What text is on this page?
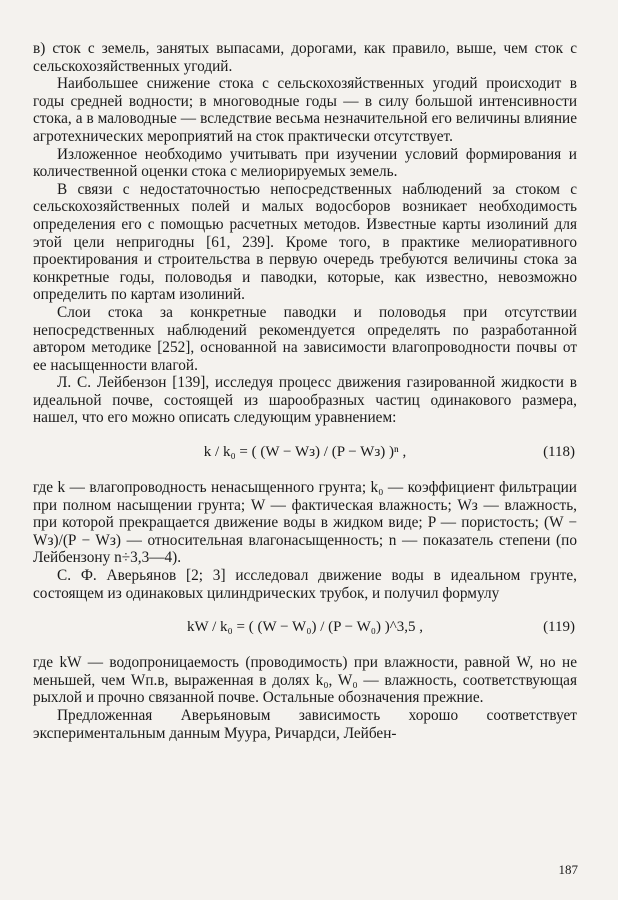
в) сток с земель, занятых выпасами, дорогами, как правило, выше, чем сток с сельскохозяйственных угодий.

Наибольшее снижение стока с сельскохозяйственных угодий происходит в годы средней водности; в многоводные годы — в силу большой интенсивности стока, а в маловодные — вследствие весьма незначительной его величины влияние агротехнических мероприятий на сток практически отсутствует.

Изложенное необходимо учитывать при изучении условий формирования и количественной оценки стока с мелиорируемых земель.

В связи с недостаточностью непосредственных наблюдений за стоком с сельскохозяйственных полей и малых водосборов возникает необходимость определения его с помощью расчетных методов. Известные карты изолиний для этой цели непригодны [61, 239]. Кроме того, в практике мелиоративного проектирования и строительства в первую очередь требуются величины стока за конкретные годы, половодья и паводки, которые, как известно, невозможно определить по картам изолиний.

Слои стока за конкретные паводки и половодья при отсутствии непосредственных наблюдений рекомендуется определять по разработанной автором методике [252], основанной на зависимости влагопроводности почвы от ее насыщенности влагой.

Л. С. Лейбензон [139], исследуя процесс движения газированной жидкости в идеальной почве, состоящей из шарообразных частиц одинакового размера, нашел, что его можно описать следующим уравнением:

k / k₀ = ( (W − Wз) / (P − Wз) )ⁿ ,	(118)

где k — влагопроводность ненасыщенного грунта; k₀ — коэффициент фильтрации при полном насыщении грунта; W — фактическая влажность; Wз — влажность, при которой прекращается движение воды в жидком виде; P — пористость; (W − Wз)/(P − Wз) — относительная влагонасыщенность; n — показатель степени (по Лейбензону n÷3,3—4).

С. Ф. Аверьянов [2; 3] исследовал движение воды в идеальном грунте, состоящем из одинаковых цилиндрических трубок, и получил формулу

kW / k₀ = ( (W − W₀) / (P − W₀) )^3,5 ,	(119)

где kW — водопроницаемость (проводимость) при влажности, равной W, но не меньшей, чем Wп.в, выраженная в долях k₀, W₀ — влажность, соответствующая рыхлой и прочно связанной почве. Остальные обозначения прежние.

Предложенная Аверьяновым зависимость хорошо соответствует экспериментальным данным Муура, Ричардси, Лейбен-

187
